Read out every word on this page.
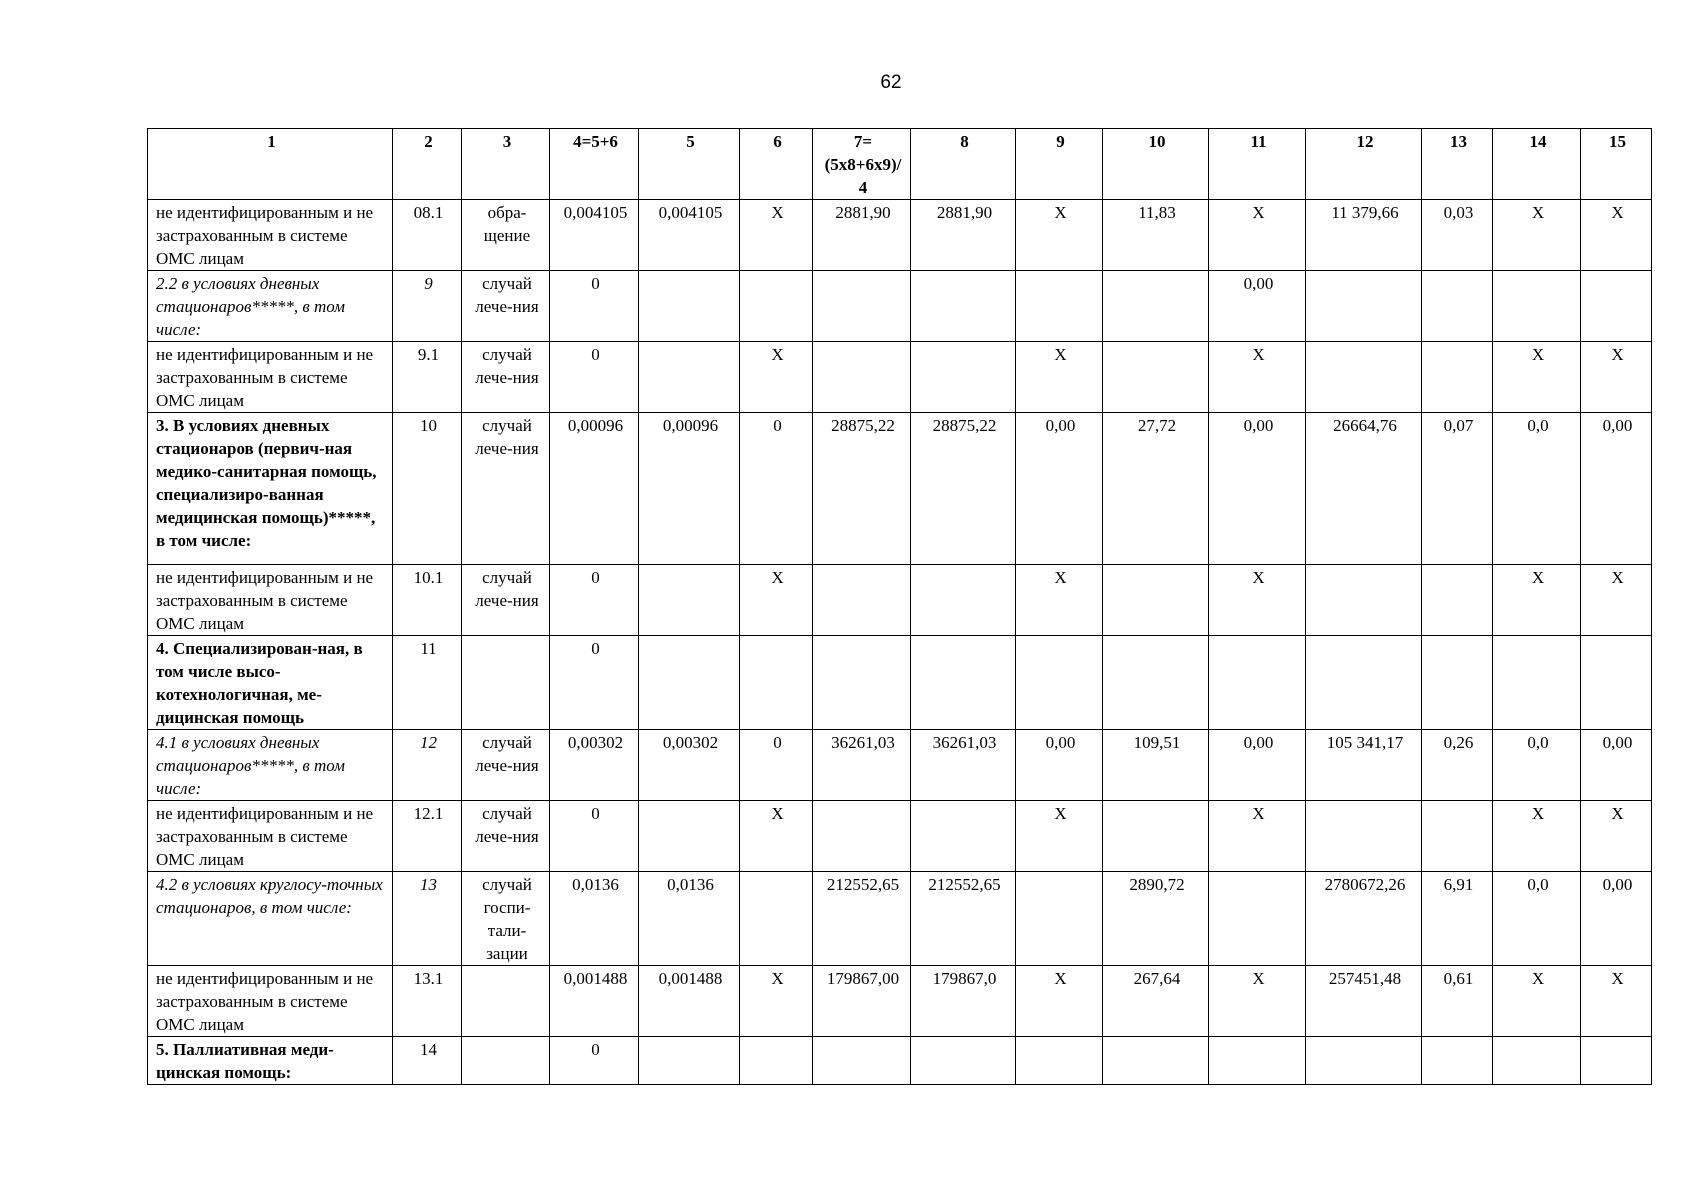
62
1	2	3	4=5+6	5	6	7=(5х8+6х9)/4	8	9	10	11	12	13	14	15
не идентифицированным и не застрахованным в системе ОМС лицам	08.1	обра-щение	0,004105	0,004105	Х	2881,90	2881,90	Х	11,83	Х	11 379,66	0,03	Х	Х
2.2 в условиях дневных стационаров*****, в том числе:	9	случай лече-ния	0							0,00				
не идентифицированным и не застрахованным в системе ОМС лицам	9.1	случай лече-ния	0		Х			Х		Х			Х	Х
3. В условиях дневных стационаров (первич-ная медико-санитарная помощь, специализиро-ванная медицинская помощь)*****, в том числе:	10	случай лече-ния	0,00096	0,00096	0	28875,22	28875,22	0,00	27,72	0,00	26664,76	0,07	0,0	0,00
не идентифицированным и не застрахованным в системе ОМС лицам	10.1	случай лече-ния	0		Х			Х		Х			Х	Х
4. Специализирован-ная, в том числе высо-котехнологичная, ме-дицинская помощь	11		0											
4.1 в условиях дневных стационаров*****, в том числе:	12	случай лече-ния	0,00302	0,00302	0	36261,03	36261,03	0,00	109,51	0,00	105 341,17	0,26	0,0	0,00
не идентифицированным и не застрахованным в системе ОМС лицам	12.1	случай лече-ния	0		Х			Х		Х			Х	Х
4.2 в условиях круглосу-точных стационаров, в том числе:	13	случай госпи-тали-зации	0,0136	0,0136		212552,65	212552,65		2890,72		2780672,26	6,91	0,0	0,00
не идентифицированным и не застрахованным в системе ОМС лицам	13.1		0,001488	0,001488	Х	179867,00	179867,0	Х	267,64	Х	257451,48	0,61	Х	Х
5. Паллиативная меди-цинская помощь:	14		0											
